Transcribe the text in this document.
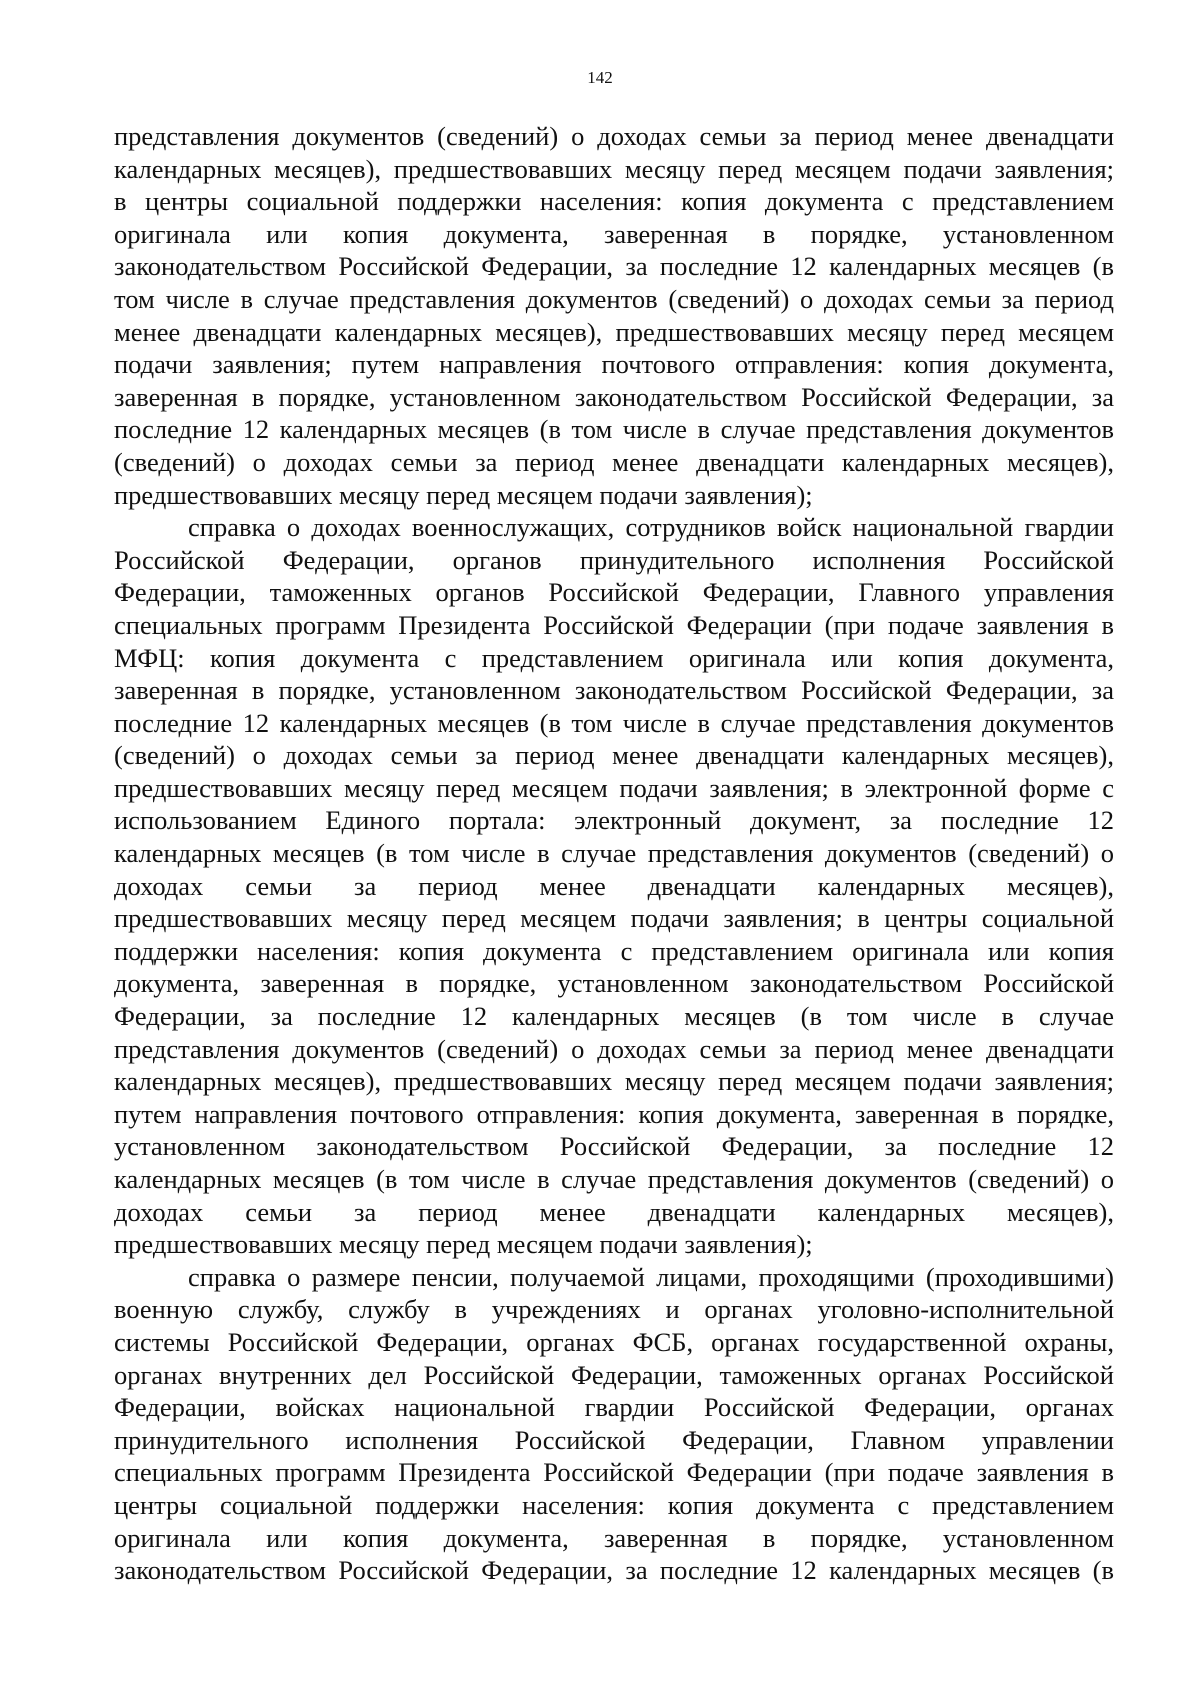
142
представления документов (сведений) о доходах семьи за период менее двенадцати
календарных месяцев), предшествовавших месяцу перед месяцем подачи заявления;
в центры социальной поддержки населения: копия документа с представлением
оригинала или копия документа, заверенная в порядке, установленном
законодательством Российской Федерации, за последние 12 календарных месяцев (в
том числе в случае представления документов (сведений) о доходах семьи за период
менее двенадцати календарных месяцев), предшествовавших месяцу перед месяцем
подачи заявления; путем направления почтового отправления: копия документа,
заверенная в порядке, установленном законодательством Российской Федерации, за
последние 12 календарных месяцев (в том числе в случае представления документов
(сведений) о доходах семьи за период менее двенадцати календарных месяцев),
предшествовавших месяцу перед месяцем подачи заявления);
справка о доходах военнослужащих, сотрудников войск национальной гвардии
Российской Федерации, органов принудительного исполнения Российской
Федерации, таможенных органов Российской Федерации, Главного управления
специальных программ Президента Российской Федерации (при подаче заявления в
МФЦ: копия документа с представлением оригинала или копия документа,
заверенная в порядке, установленном законодательством Российской Федерации, за
последние 12 календарных месяцев (в том числе в случае представления документов
(сведений) о доходах семьи за период менее двенадцати календарных месяцев),
предшествовавших месяцу перед месяцем подачи заявления; в электронной форме с
использованием Единого портала: электронный документ, за последние 12
календарных месяцев (в том числе в случае представления документов (сведений) о
доходах семьи за период менее двенадцати календарных месяцев),
предшествовавших месяцу перед месяцем подачи заявления; в центры социальной
поддержки населения: копия документа с представлением оригинала или копия
документа, заверенная в порядке, установленном законодательством Российской
Федерации, за последние 12 календарных месяцев (в том числе в случае
представления документов (сведений) о доходах семьи за период менее двенадцати
календарных месяцев), предшествовавших месяцу перед месяцем подачи заявления;
путем направления почтового отправления: копия документа, заверенная в порядке,
установленном законодательством Российской Федерации, за последние 12
календарных месяцев (в том числе в случае представления документов (сведений) о
доходах семьи за период менее двенадцати календарных месяцев),
предшествовавших месяцу перед месяцем подачи заявления);
справка о размере пенсии, получаемой лицами, проходящими (проходившими)
военную службу, службу в учреждениях и органах уголовно-исполнительной
системы Российской Федерации, органах ФСБ, органах государственной охраны,
органах внутренних дел Российской Федерации, таможенных органах Российской
Федерации, войсках национальной гвардии Российской Федерации, органах
принудительного исполнения Российской Федерации, Главном управлении
специальных программ Президента Российской Федерации (при подаче заявления в
центры социальной поддержки населения: копия документа с представлением
оригинала или копия документа, заверенная в порядке, установленном
законодательством Российской Федерации, за последние 12 календарных месяцев (в
